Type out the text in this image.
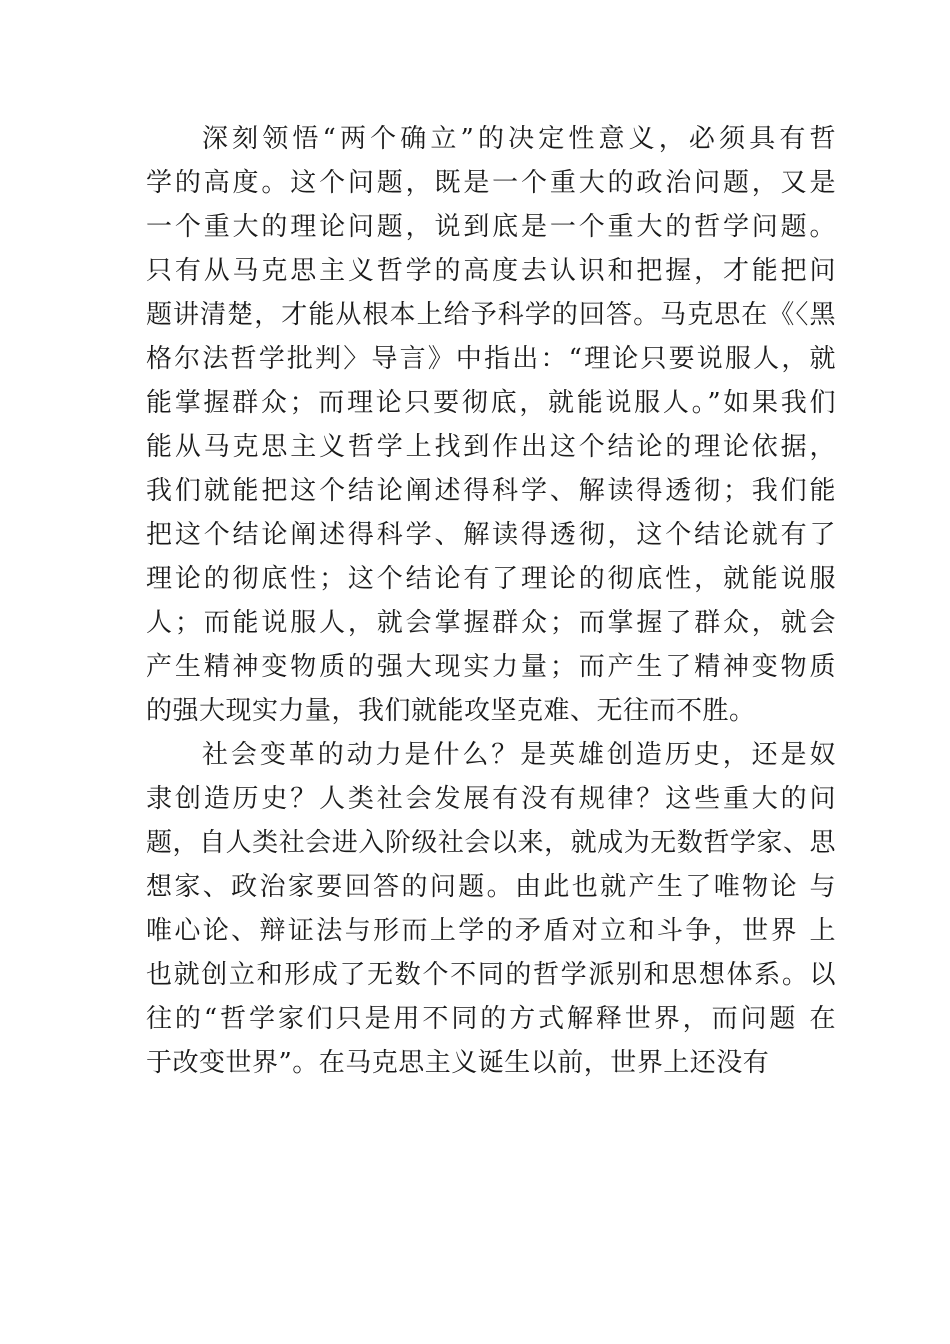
深刻领悟“两个确立”的决定性意义，必须具有哲
学的高度。这个问题，既是一个重大的政治问题，又是
一个重大的理论问题，说到底是一个重大的哲学问题。
只有从马克思主义哲学的高度去认识和把握，才能把问
题讲清楚，才能从根本上给予科学的回答。马克思在《〈黑
格尔法哲学批判〉导言》中指出：“理论只要说服人，就
能掌握群众；而理论只要彻底，就能说服人。”如果我们
能从马克思主义哲学上找到作出这个结论的理论依据，
我们就能把这个结论阐述得科学、解读得透彻；我们能
把这个结论阐述得科学、解读得透彻，这个结论就有了
理论的彻底性；这个结论有了理论的彻底性，就能说服
人；而能说服人，就会掌握群众；而掌握了群众，就会
产生精神变物质的强大现实力量；而产生了精神变物质
的强大现实力量，我们就能攻坚克难、无往而不胜。
社会变革的动力是什么？是英雄创造历史，还是奴
隶创造历史？人类社会发展有没有规律？这些重大的问
题，自人类社会进入阶级社会以来，就成为无数哲学家、思
想家、政治家要回答的问题。由此也就产生了唯物论 与
唯心论、辩证法与形而上学的矛盾对立和斗争，世界 上
也就创立和形成了无数个不同的哲学派别和思想体系。以
往的“哲学家们只是用不同的方式解释世界，而问题 在
于改变世界”。在马克思主义诞生以前，世界上还没有
